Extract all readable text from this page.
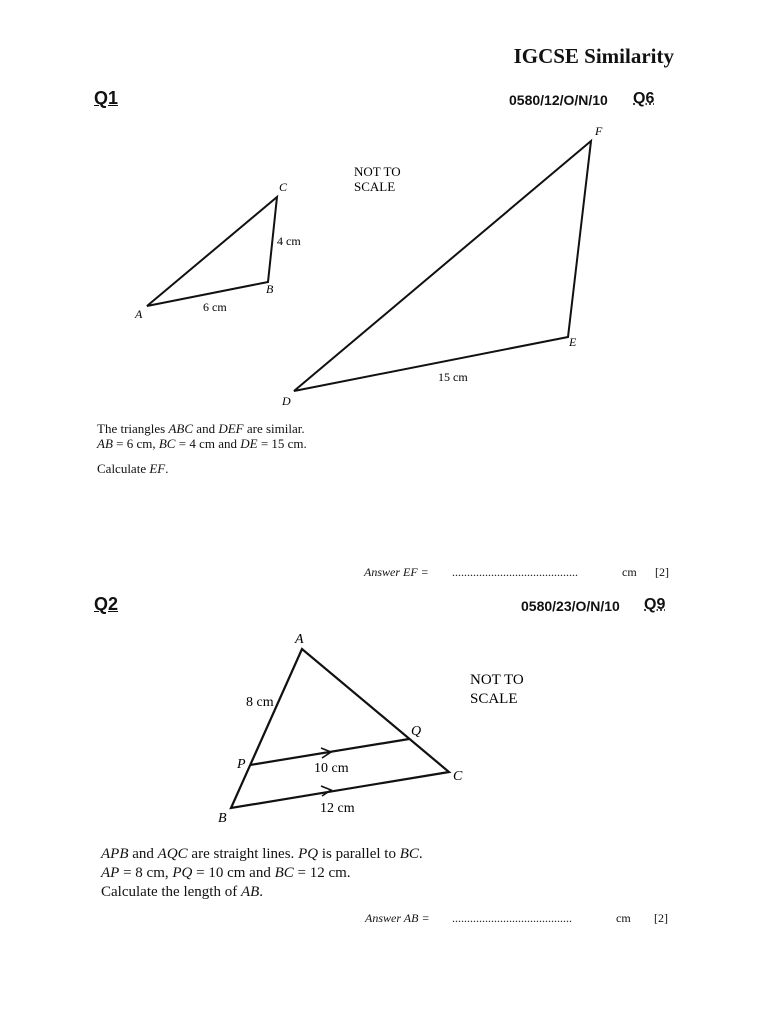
IGCSE Similarity
Q1	0580/12/O/N/10 Q6
A
B
C
4 cm
6 cm
D
E
F
15 cm
NOT TO
SCALE
The triangles ABC and DEF are similar.
AB = 6 cm, BC = 4 cm and DE = 15 cm.
Calculate EF.
Answer EF = ..........................................	cm [2]
Q2	0580/23/O/N/10 Q9
A
B
C
P
Q
8 cm
10 cm
12 cm
NOT TO
SCALE
APB and AQC are straight lines. PQ is parallel to BC.
AP = 8 cm, PQ = 10 cm and BC = 12 cm.
Calculate the length of AB.
Answer AB = ........................................	cm [2]
